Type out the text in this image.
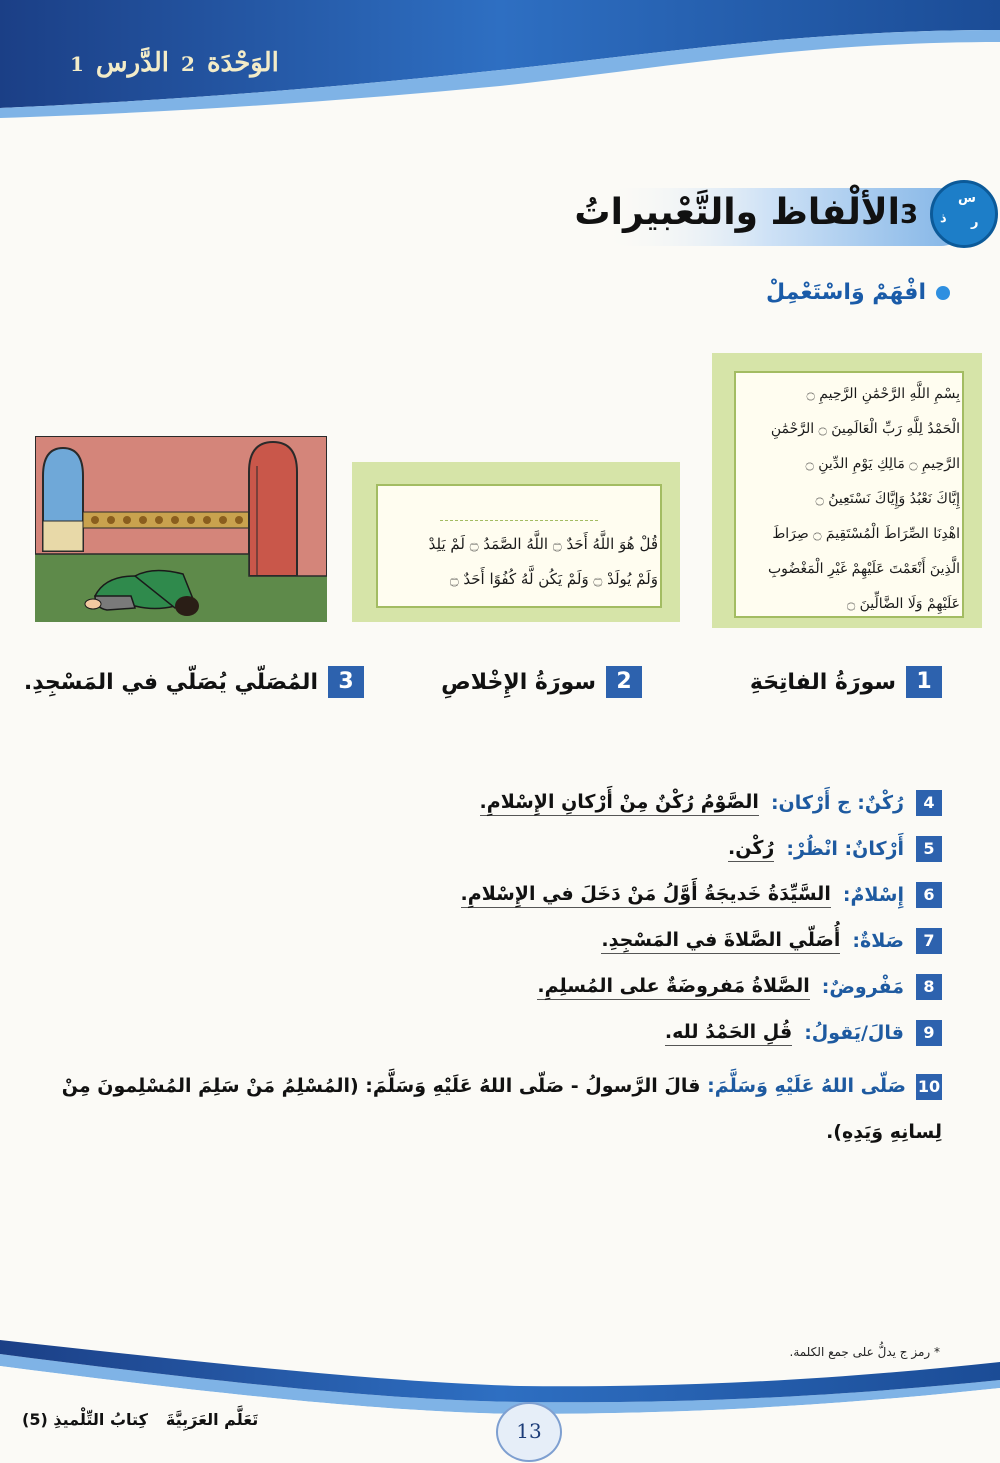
الوَحْدَة
2
الدَّرس
1
الألْفاظ والتَّعْبيراتُ 3
س
ذ ر
افْهَمْ وَاسْتَعْمِلْ

بِسْمِ اللَّهِ الرَّحْمَٰنِ الرَّحِيمِ ۝

الْحَمْدُ لِلَّهِ رَبِّ الْعَالَمِينَ ۝ الرَّحْمَٰنِ

الرَّحِيمِ ۝ مَالِكِ يَوْمِ الدِّينِ ۝

إِيَّاكَ نَعْبُدُ وَإِيَّاكَ نَسْتَعِينُ ۝

اهْدِنَا الصِّرَاطَ الْمُسْتَقِيمَ ۝ صِرَاطَ

الَّذِينَ أَنْعَمْتَ عَلَيْهِمْ غَيْرِ الْمَغْضُوبِ

عَلَيْهِمْ وَلَا الضَّالِّينَ ۝

قُلْ هُوَ اللَّهُ أَحَدٌ ۝ اللَّهُ الصَّمَدُ ۝ لَمْ يَلِدْ

وَلَمْ يُولَدْ ۝ وَلَمْ يَكُن لَّهُ كُفُوًا أَحَدٌ ۝

1
سورَةُ الفاتِحَةِ
2
سورَةُ الإِخْلاصِ
3
المُصَلّي يُصَلّي في المَسْجِدِ.
4
رُكْنٌ: ج أَرْكان:
الصَّوْمُ رُكْنٌ مِنْ أَرْكانِ الإِسْلامِ.
5
أَرْكانٌ: انْظُرْ:
رُكْن.
6
إِسْلامٌ:
السَّيِّدَةُ خَديجَةُ أَوَّلُ مَنْ دَخَلَ في الإِسْلامِ.
7
صَلاةٌ:
أُصَلّي الصَّلاةَ في المَسْجِدِ.
8
مَفْروضٌ:
الصَّلاةُ مَفروضَةٌ على المُسلِمِ.
9
قالَ/يَقولُ:
قُلِ الحَمْدُ لله.
10صَلّى اللهُ عَلَيْهِ وَسَلَّمَ: قالَ الرَّسولُ - صَلّى اللهُ عَلَيْهِ وَسَلَّمَ: (المُسْلِمُ مَنْ سَلِمَ المُسْلِمونَ مِنْ لِسانِهِ وَيَدِهِ).
* رمز ج يدلُّ على جمع الكلمة.
13
تَعَلَّم العَرَبِيَّةَ
كِتابُ التِّلْميذِ (5)
